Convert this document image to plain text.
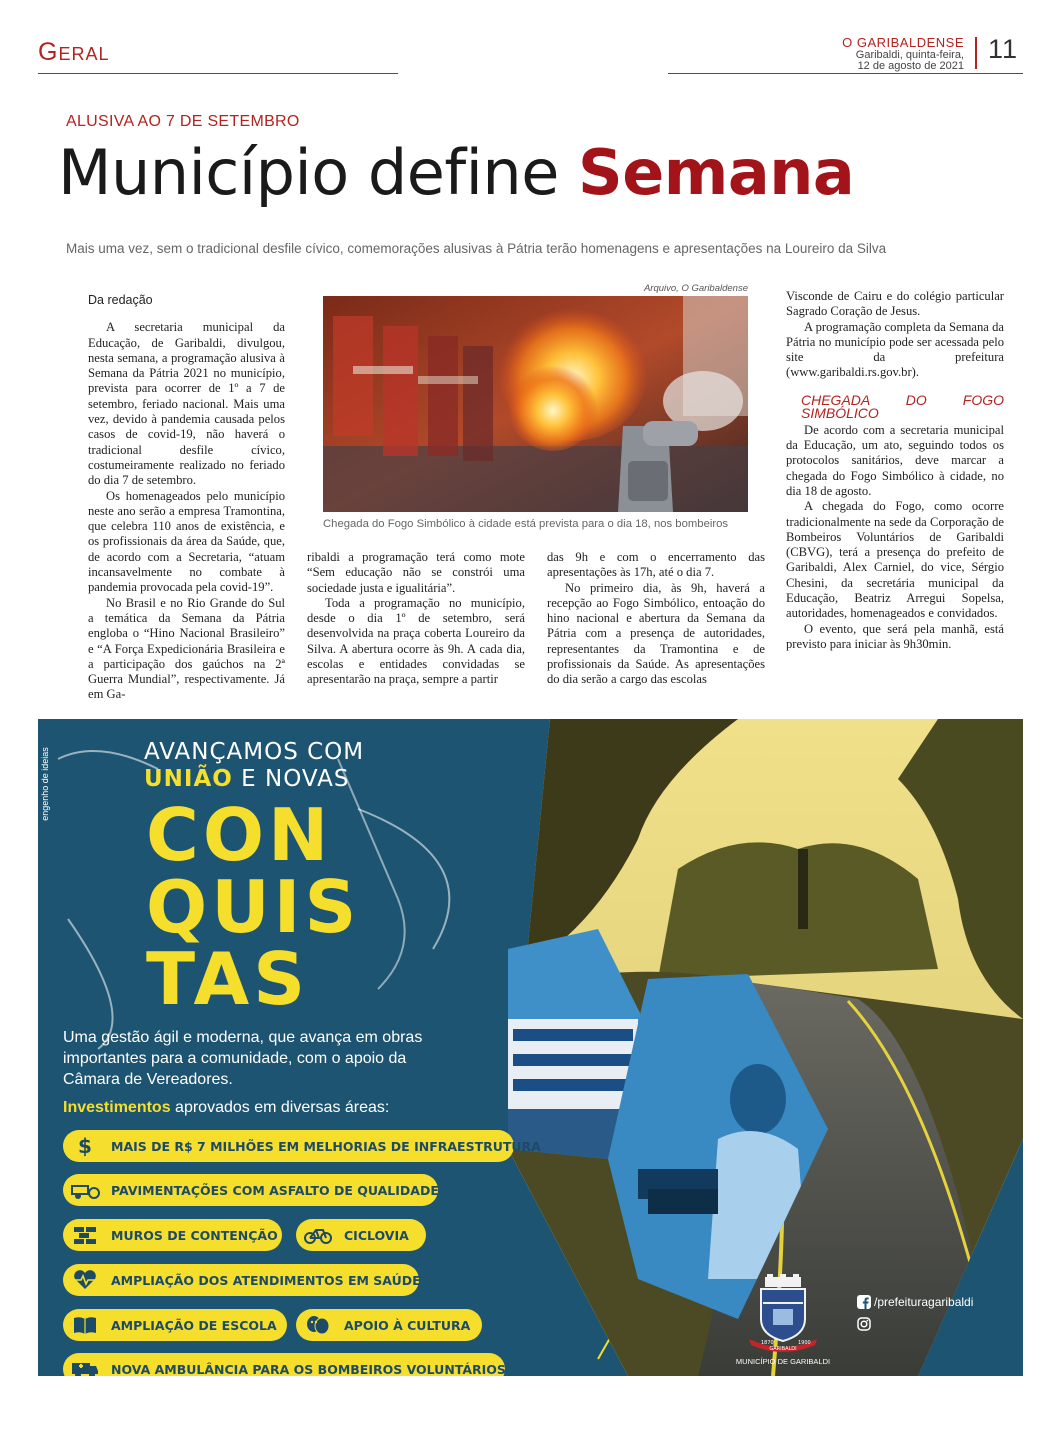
Geral	O GARIBALDENSE
Garibaldi, quinta-feira,
12 de agosto de 2021
11
ALUSIVA AO 7 DE SETEMBRO
Município define Semana
Mais uma vez, sem o tradicional desfile cívico, comemorações alusivas à Pátria terão homenagens e apresentações na Loureiro da Silva

Da redação

A secretaria municipal da Educação, de Garibaldi, divulgou, nesta semana, a programação alusiva à Semana da Pátria 2021 no município, prevista para ocorrer de 1º a 7 de setembro, feriado nacional. Mais uma vez, devido à pandemia causada pelos casos de covid-19, não haverá o tradicional desfile cívico, costumeiramente realizado no feriado do dia 7 de setembro.

Os homenageados pelo município neste ano serão a empresa Tramontina, que celebra 110 anos de existência, e os profissionais da área da Saúde, que, de acordo com a Secretaria, “atuam incansavelmente no combate à pandemia provocada pela covid-19”.

No Brasil e no Rio Grande do Sul a temática da Semana da Pátria engloba o “Hino Nacional Brasileiro” e “A Força Expedicionária Brasileira e a participação dos gaúchos na 2ª Guerra Mundial”, respectivamente. Já em Ga-

Arquivo, O Garibaldense
Chegada do Fogo Simbólico à cidade está prevista para o dia 18, nos bombeiros

ribaldi a programação terá como mote “Sem educação não se constrói uma sociedade justa e igualitária”.

Toda a programação no município, desde o dia 1º de setembro, será desenvolvida na praça coberta Loureiro da Silva. A abertura ocorre às 9h. A cada dia, escolas e entidades convidadas se apresentarão na praça, sempre a partir

das 9h e com o encerramento das apresentações às 17h, até o dia 7.

No primeiro dia, às 9h, haverá a recepção ao Fogo Simbólico, entoação do hino nacional e abertura da Semana da Pátria com a presença de autoridades, representantes da Tramontina e de profissionais da Saúde. As apresentações do dia serão a cargo das escolas

Visconde de Cairu e do colégio particular Sagrado Coração de Jesus.

A programação completa da Semana da Pátria no município pode ser acessada pelo site da prefeitura (www.garibaldi.rs.gov.br).

CHEGADA DO FOGO SIMBÓLICO

De acordo com a secretaria municipal da Educação, um ato, seguindo todos os protocolos sanitários, deve marcar a chegada do Fogo Simbólico à cidade, no dia 18 de agosto.

A chegada do Fogo, como ocorre tradicionalmente na sede da Corporação de Bombeiros Voluntários de Garibaldi (CBVG), terá a presença do prefeito de Garibaldi, Alex Carniel, do vice, Sérgio Chesini, da secretária municipal da Educação, Beatriz Arregui Sopelsa, autoridades, homenageados e convidados.

O evento, que será pela manhã, está previsto para iniciar às 9h30min.

engenho de ideias	AVANÇAMOS COM
UNIÃO E NOVAS
CON
QUIS
TAS
Uma gestão ágil e moderna, que avança em obras importantes para a comunidade, com o apoio da Câmara de Vereadores.
Investimentos aprovados em diversas áreas:
$	MAIS DE R$ 7 MILHÕES EM MELHORIAS DE INFRAESTRUTURA
PAVIMENTAÇÕES COM ASFALTO DE QUALIDADE
MUROS DE CONTENÇÃO	CICLOVIA
AMPLIAÇÃO DOS ATENDIMENTOS EM SAÚDE
AMPLIAÇÃO DE ESCOLA	APOIO À CULTURA
NOVA AMBULÂNCIA PARA OS BOMBEIROS VOLUNTÁRIOS
1870
GARIBALDI
1900
MUNICÍPIO DE GARIBALDI
/prefeituragaribaldi
